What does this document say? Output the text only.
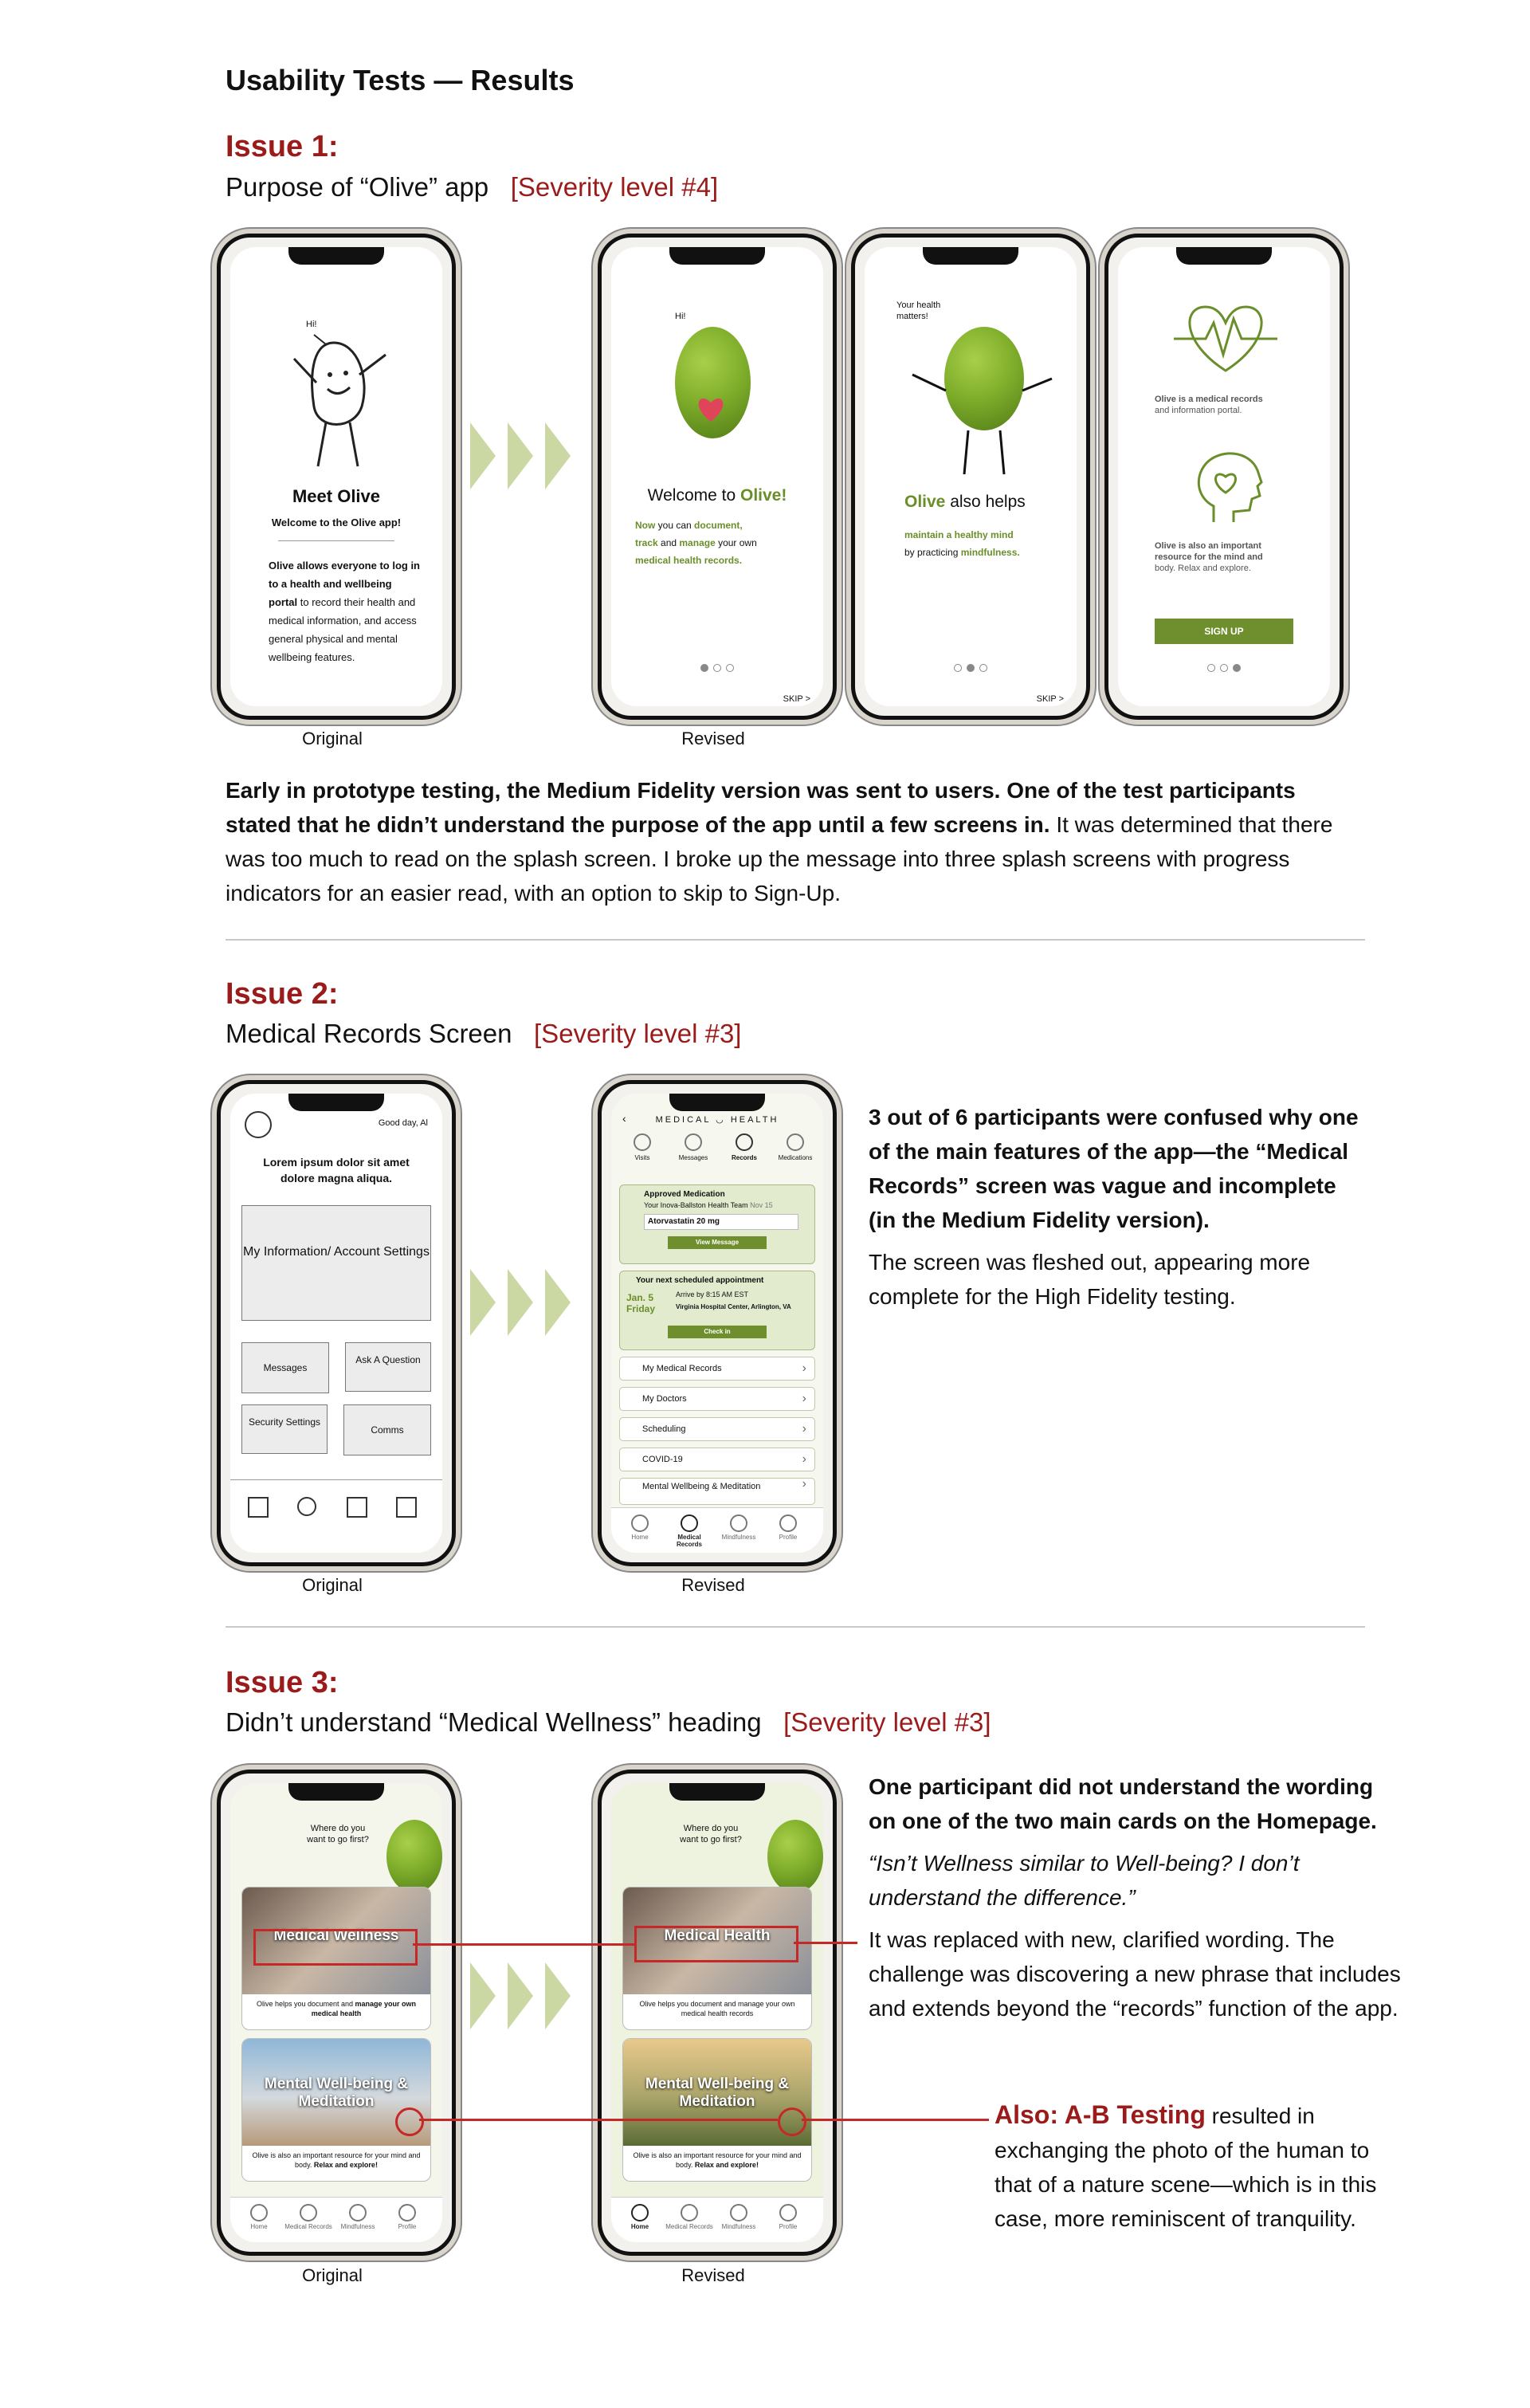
Usability Tests — Results
Issue 1:
Purpose of “Olive” app [Severity level #4]
Hi!
Meet Olive
Welcome to the Olive app!
Olive allows everyone to log in to a health and wellbeing portal to record their health and medical information, and access general physical and mental wellbeing features.
Hi!
Welcome to Olive!
Now you can document,
track and manage your own
medical health records.
SKIP >
Your health matters!
Olive also helps
maintain a healthy mind
by practicing mindfulness.
SKIP >
Olive is a medical records
and information portal.
Olive is also an important
resource for the mind and
body. Relax and explore.
SIGN UP
Original	Revised
Early in prototype testing, the Medium Fidelity version was sent to users. One of the test participants stated that he didn’t understand the purpose of the app until a few screens in. It was determined that there was too much to read on the splash screen. I broke up the message into three splash screens with progress indicators for an easier read, with an option to skip to Sign-Up.
Issue 2:
Medical Records Screen [Severity level #3]
Good day, Al
Lorem ipsum dolor sit amet dolore magna aliqua.
My Information/ Account Settings
Messages
Ask A Question
Security Settings
Comms
‹	MEDICAL ◡ HEALTH
Visits	Messages	Records	Medications
Approved Medication
Your Inova-Ballston Health Team Nov 15
Atorvastatin 20 mg
View Message
Your next scheduled appointment
Jan. 5
Friday
Arrive by 8:15 AM EST
Virginia Hospital Center, Arlington, VA
Check in
My Medical Records ›
My Doctors ›
Scheduling ›
COVID-19 ›
Mental Wellbeing & Meditation ›
Home	Medical Records
Mindfulness	Profile
Original	Revised
3 out of 6 participants were confused why one of the main features of the app—the “Medical Records” screen was vague and incomplete (in the Medium Fidelity version).
The screen was fleshed out, appearing more complete for the High Fidelity testing.
Issue 3:
Didn’t understand “Medical Wellness” heading [Severity level #3]
Where do you want to go first?
Medical Wellness
Olive helps you document and manage your own medical health
Mental Well-being & Meditation
Olive is also an important resource for your mind and body. Relax and explore!
Home	Medical Records	Mindfulness	Profile
Where do you want to go first?
Medical Health
Olive helps you document and manage your own medical health records
Mental Well-being & Meditation
Olive is also an important resource for your mind and body. Relax and explore!
Home	Medical Records	Mindfulness	Profile
Original	Revised
One participant did not understand the wording on one of the two main cards on the Homepage.
“Isn’t Wellness similar to Well-being? I don’t understand the difference.”
It was replaced with new, clarified wording. The challenge was discovering a new phrase that includes and extends beyond the “records” function of the app.
Also: A-B Testing resulted in exchanging the photo of the human to that of a nature scene—which is in this case, more reminiscent of tranquility.
